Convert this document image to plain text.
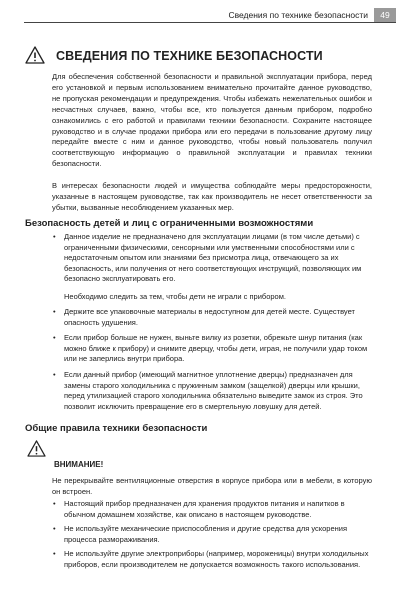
Сведения по технике безопасности	49
СВЕДЕНИЯ ПО ТЕХНИКЕ БЕЗОПАСНОСТИ
Для обеспечения собственной безопасности и правильной эксплуатации прибора, перед его установкой и первым использованием внимательно прочитайте данное руководство, не пропуская рекомендации и предупреждения. Чтобы избежать нежелательных ошибок и несчастных случаев, важно, чтобы все, кто пользуется данным прибором, подробно ознакомились с его работой и правилами техники безопасности. Сохраните настоящее руководство и в случае продажи прибора или его передачи в пользование другому лицу передайте вместе с ним и данное руководство, чтобы новый пользователь получил соответствующую информацию о правильной эксплуатации и правилах техники безопасности.
В интересах безопасности людей и имущества соблюдайте меры предосторожности, указанные в настоящем руководстве, так как производитель не несет ответственности за убытки, вызванные несоблюдением указанных мер.
Безопасность детей и лиц с ограниченными возможностями
• Данное изделие не предназначено для эксплуатации лицами (в том числе детьми) с ограниченными физическими, сенсорными или умственными способностями или с недостаточным опытом или знаниями без присмотра лица, отвечающего за их безопасность, или получения от него соответствующих инструкций, позволяющих им безопасно эксплуатировать его.
Необходимо следить за тем, чтобы дети не играли с прибором.
• Держите все упаковочные материалы в недоступном для детей месте. Существует опасность удушения.
• Если прибор больше не нужен, выньте вилку из розетки, обрежьте шнур питания (как можно ближе к прибору) и снимите дверцу, чтобы дети, играя, не получили удар током или не заперлись внутри прибора.
• Если данный прибор (имеющий магнитное уплотнение дверцы) предназначен для замены старого холодильника с пружинным замком (защелкой) дверцы или крышки, перед утилизацией старого холодильника обязательно выведите замок из строя. Это позволит исключить превращение его в смертельную ловушку для детей.
Общие правила техники безопасности
ВНИМАНИЕ!
Не перекрывайте вентиляционные отверстия в корпусе прибора или в мебели, в которую он встроен.
• Настоящий прибор предназначен для хранения продуктов питания и напитков в обычном домашнем хозяйстве, как описано в настоящем руководстве.
• Не используйте механические приспособления и другие средства для ускорения процесса размораживания.
• Не используйте другие электроприборы (например, мороженицы) внутри холодильных приборов, если производителем не допускается возможность такого использования.
